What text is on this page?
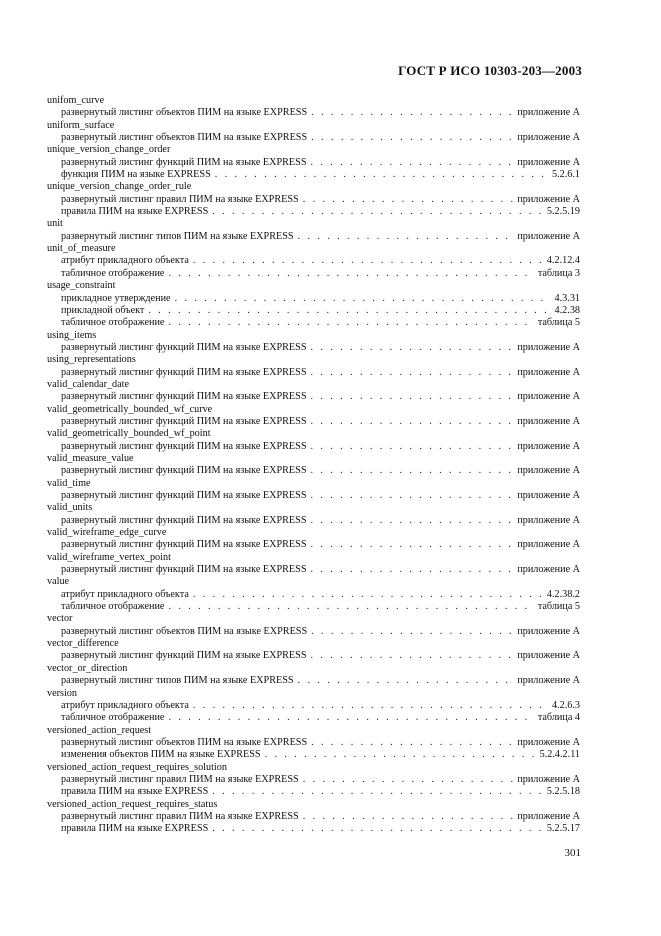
ГОСТ Р ИСО 10303-203—2003
unifom_curve
развернутый листинг объектов ПИМ на языке EXPRESS . . .	приложение А
uniform_surface
развернутый листинг объектов ПИМ на языке EXPRESS . . .	приложение А
unique_version_change_order
развернутый листинг функций ПИМ на языке EXPRESS . . .	приложение А
функция ПИМ на языке EXPRESS . . .	5.2.6.1
unique_version_change_order_rule
развернутый листинг правил ПИМ на языке EXPRESS . . .	приложение А
правила ПИМ на языке EXPRESS . . .	5.2.5.19
unit
развернутый листинг типов ПИМ на языке EXPRESS . . .	приложение А
unit_of_measure
атрибут прикладного объекта . . .	4.2.12.4
табличное отображение . . .	таблица 3
usage_constraint
прикладное утверждение . . .	4.3.31
прикладной объект . . .	4.2.38
табличное отображение . . .	таблица 5
using_items
развернутый листинг функций ПИМ на языке EXPRESS . . .	приложение А
using_representations
развернутый листинг функций ПИМ на языке EXPRESS . . .	приложение А
valid_calendar_date
развернутый листинг функций ПИМ на языке EXPRESS . . .	приложение А
valid_geometrically_bounded_wf_curve
развернутый листинг функций ПИМ на языке EXPRESS . . .	приложение А
valid_geometrically_bounded_wf_point
развернутый листинг функций ПИМ на языке EXPRESS . . .	приложение А
valid_measure_value
развернутый листинг функций ПИМ на языке EXPRESS . . .	приложение А
valid_time
развернутый листинг функций ПИМ на языке EXPRESS . . .	приложение А
valid_units
развернутый листинг функций ПИМ на языке EXPRESS . . .	приложение А
valid_wireframe_edge_curve
развернутый листинг функций ПИМ на языке EXPRESS . . .	приложение А
valid_wireframe_vertex_point
развернутый листинг функций ПИМ на языке EXPRESS . . .	приложение А
value
атрибут прикладного объекта . . .	4.2.38.2
табличное отображение . . .	таблица 5
vector
развернутый листинг объектов ПИМ на языке EXPRESS . . .	приложение А
vector_difference
развернутый листинг функций ПИМ на языке EXPRESS . . .	приложение А
vector_or_direction
развернутый листинг типов ПИМ на языке EXPRESS . . .	приложение А
version
атрибут прикладного объекта . . .	4.2.6.3
табличное отображение . . .	таблица 4
versioned_action_request
развернутый листинг объектов ПИМ на языке EXPRESS . . .	приложение А
изменения объектов ПИМ на языке EXPRESS . . .	5.2.4.2.11
versioned_action_request_requires_solution
развернутый листинг правил ПИМ на языке EXPRESS . . .	приложение А
правила ПИМ на языке EXPRESS . . .	5.2.5.18
versioned_action_request_requires_status
развернутый листинг правил ПИМ на языке EXPRESS . . .	приложение А
правила ПИМ на языке EXPRESS . . .	5.2.5.17
301
